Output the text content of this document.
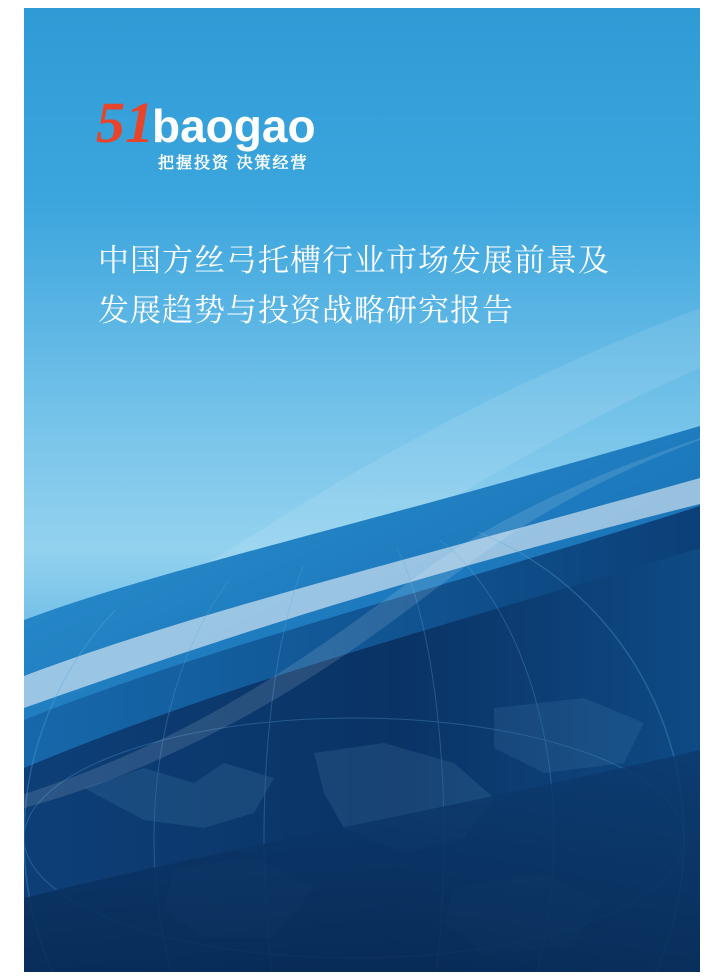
51
baogao
把握投资 决策经营
中国方丝弓托槽行业市场发展前景及
发展趋势与投资战略研究报告
